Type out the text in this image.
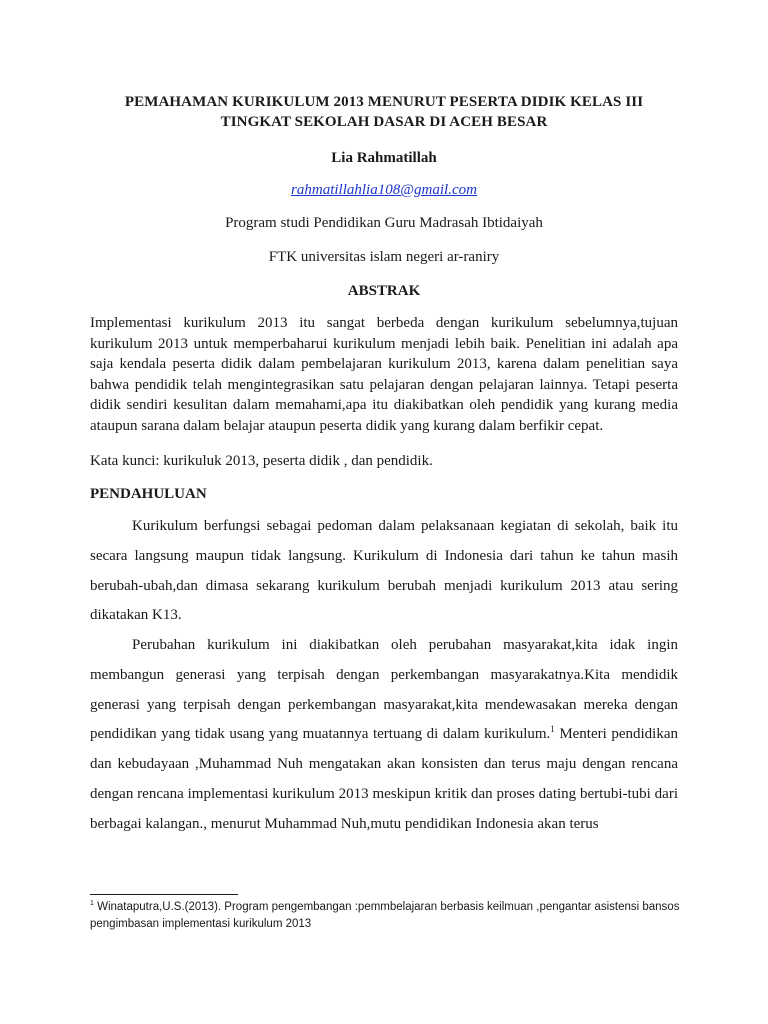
PEMAHAMAN KURIKULUM 2013 MENURUT PESERTA DIDIK KELAS III
TINGKAT SEKOLAH DASAR DI ACEH BESAR
Lia Rahmatillah
rahmatillahlia108@gmail.com
Program studi Pendidikan Guru Madrasah Ibtidaiyah
FTK universitas islam negeri ar-raniry
ABSTRAK

Implementasi kurikulum 2013 itu sangat berbeda dengan kurikulum sebelumnya,tujuan kurikulum 2013 untuk memperbaharui kurikulum menjadi lebih baik. Penelitian ini adalah apa saja kendala peserta didik dalam pembelajaran kurikulum 2013, karena dalam penelitian saya bahwa pendidik telah mengintegrasikan satu pelajaran dengan pelajaran lainnya. Tetapi peserta didik sendiri kesulitan dalam memahami,apa itu diakibatkan oleh pendidik yang kurang media ataupun sarana dalam belajar ataupun peserta didik yang kurang dalam berfikir cepat.

Kata kunci: kurikuluk 2013, peserta didik , dan pendidik.

PENDAHULUAN

Kurikulum berfungsi sebagai pedoman dalam pelaksanaan kegiatan di sekolah, baik itu secara langsung maupun tidak langsung. Kurikulum di Indonesia dari tahun ke tahun masih berubah-ubah,dan dimasa sekarang kurikulum berubah menjadi kurikulum 2013 atau sering dikatakan K13.

Perubahan kurikulum ini diakibatkan oleh perubahan masyarakat,kita idak ingin membangun generasi yang terpisah dengan perkembangan masyarakatnya.Kita mendidik generasi yang terpisah dengan perkembangan masyarakat,kita mendewasakan mereka dengan pendidikan yang tidak usang yang muatannya tertuang di dalam kurikulum.$^1$ Menteri pendidikan dan kebudayaan ,Muhammad Nuh mengatakan akan konsisten dan terus maju dengan rencana dengan rencana implementasi kurikulum 2013 meskipun kritik dan proses dating bertubi-tubi dari berbagai kalangan., menurut Muhammad Nuh,mutu pendidikan Indonesia akan terus

$^1$ Winataputra,U.S.(2013). Program pengembangan :pemmbelajaran berbasis keilmuan ,pengantar asistensi bansos pengimbasan implementasi kurikulum 2013
